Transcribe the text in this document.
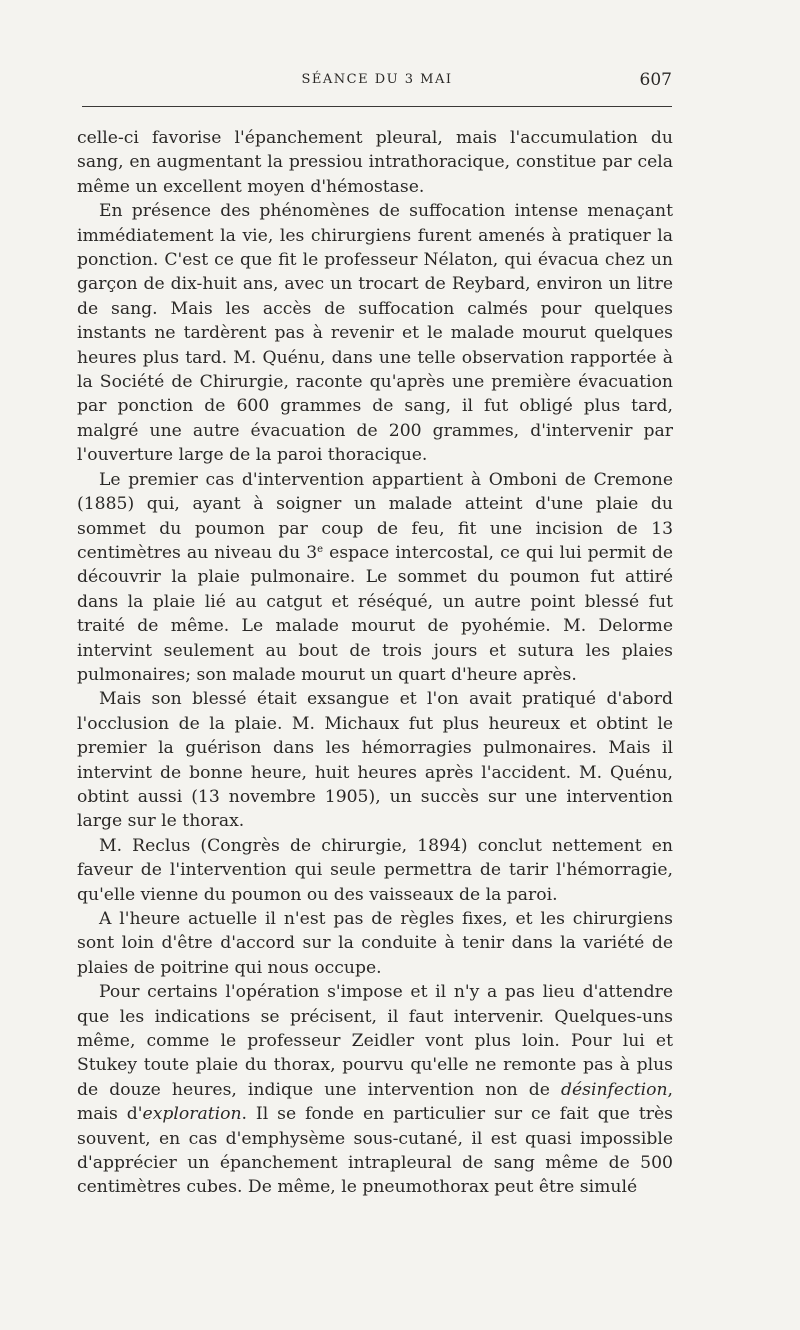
SÉANCE DU 3 MAI	607

celle-ci favorise l'épanchement pleural, mais l'accumulation du sang, en augmentant la pressiou intrathoracique, constitue par cela même un excellent moyen d'hémostase.

En présence des phénomènes de suffocation intense menaçant immédiatement la vie, les chirurgiens furent amenés à pratiquer la ponction. C'est ce que fit le professeur Nélaton, qui évacua chez un garçon de dix-huit ans, avec un trocart de Reybard, environ un litre de sang. Mais les accès de suffocation calmés pour quelques instants ne tardèrent pas à revenir et le malade mourut quelques heures plus tard. M. Quénu, dans une telle observation rapportée à la Société de Chirurgie, raconte qu'après une première évacuation par ponction de 600 grammes de sang, il fut obligé plus tard, malgré une autre évacuation de 200 grammes, d'intervenir par l'ouverture large de la paroi thoracique.

Le premier cas d'intervention appartient à Omboni de Cremone (1885) qui, ayant à soigner un malade atteint d'une plaie du sommet du poumon par coup de feu, fit une incision de 13 centimètres au niveau du 3e espace intercostal, ce qui lui permit de découvrir la plaie pulmonaire. Le sommet du poumon fut attiré dans la plaie lié au catgut et réséqué, un autre point blessé fut traité de même. Le malade mourut de pyohémie. M. Delorme intervint seulement au bout de trois jours et sutura les plaies pulmonaires; son malade mourut un quart d'heure après.

Mais son blessé était exsangue et l'on avait pratiqué d'abord l'occlusion de la plaie. M. Michaux fut plus heureux et obtint le premier la guérison dans les hémorragies pulmonaires. Mais il intervint de bonne heure, huit heures après l'accident. M. Quénu, obtint aussi (13 novembre 1905), un succès sur une intervention large sur le thorax.

M. Reclus (Congrès de chirurgie, 1894) conclut nettement en faveur de l'intervention qui seule permettra de tarir l'hémorragie, qu'elle vienne du poumon ou des vaisseaux de la paroi.

A l'heure actuelle il n'est pas de règles fixes, et les chirurgiens sont loin d'être d'accord sur la conduite à tenir dans la variété de plaies de poitrine qui nous occupe.

Pour certains l'opération s'impose et il n'y a pas lieu d'attendre que les indications se précisent, il faut intervenir. Quelques-uns même, comme le professeur Zeidler vont plus loin. Pour lui et Stukey toute plaie du thorax, pourvu qu'elle ne remonte pas à plus de douze heures, indique une intervention non de désinfection, mais d'exploration. Il se fonde en particulier sur ce fait que très souvent, en cas d'emphysème sous-cutané, il est quasi impossible d'apprécier un épanchement intrapleural de sang même de 500 centimètres cubes. De même, le pneumothorax peut être simulé
